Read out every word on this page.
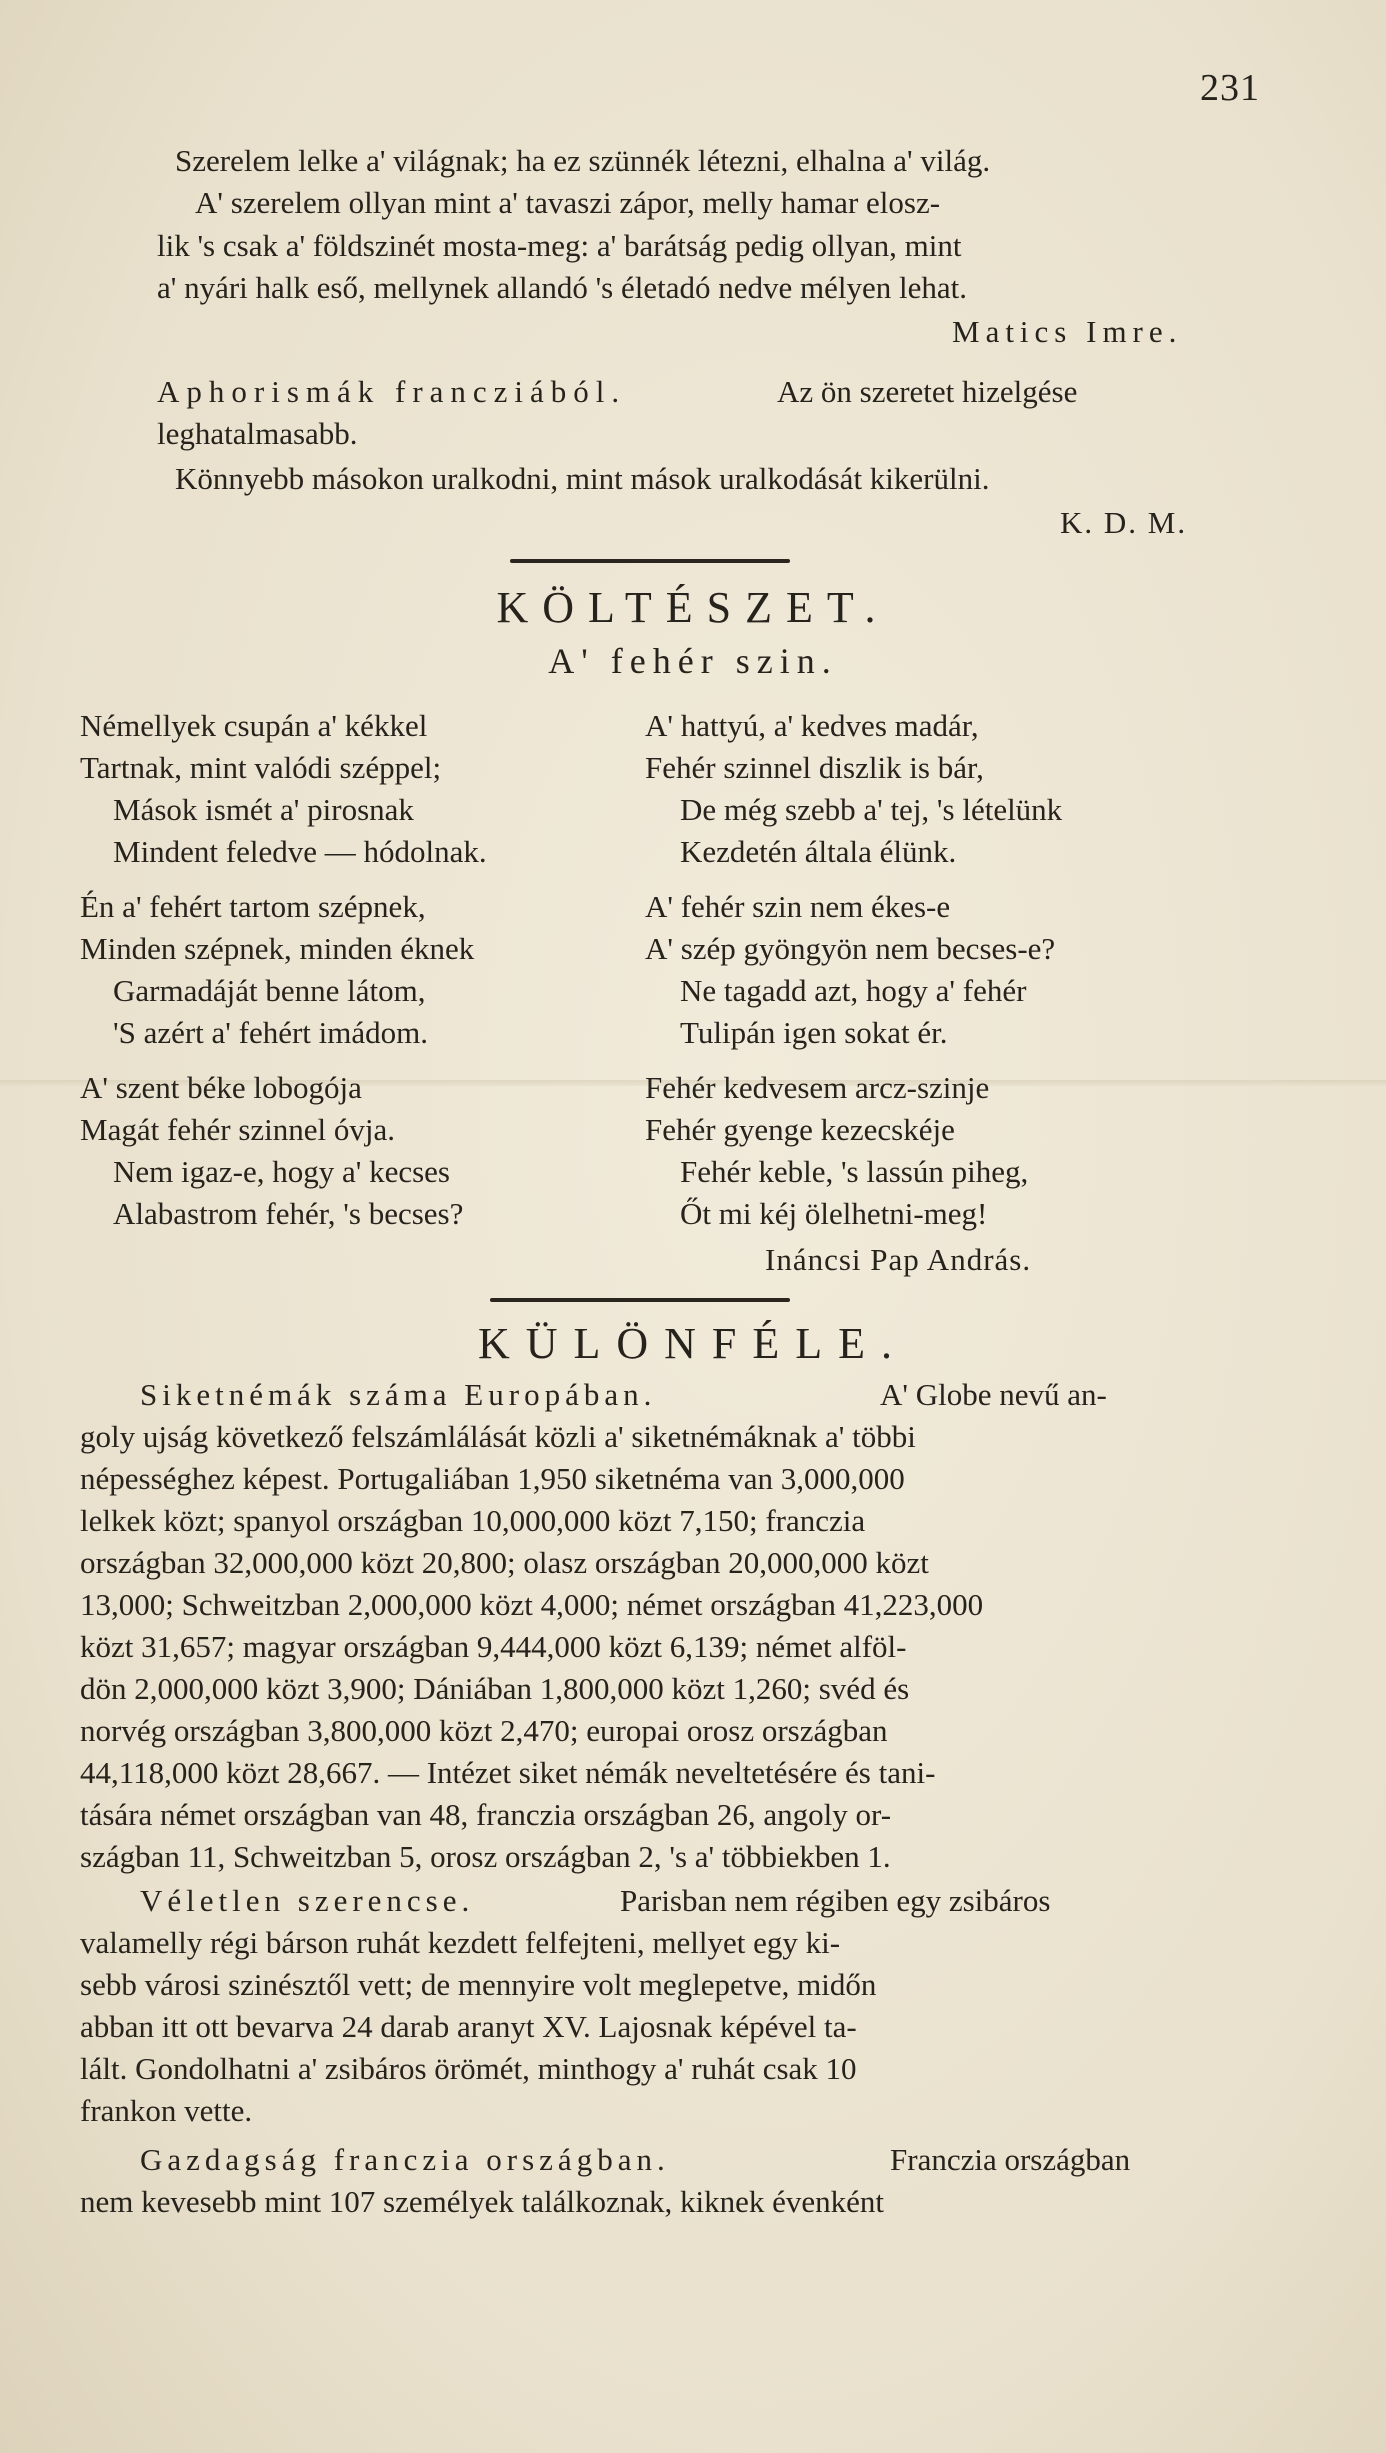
231
Szerelem lelke a' világnak; ha ez szünnék létezni, elhalna a' világ.
A' szerelem ollyan mint a' tavaszi zápor, melly hamar elosz-
lik 's csak a' földszinét mosta-meg: a' barátság pedig ollyan, mint
a' nyári halk eső, mellynek allandó 's életadó nedve mélyen lehat.
Matics Imre.
Aphorismák francziából.	Az ön szeretet hizelgése
leghatalmasabb.
Könnyebb másokon uralkodni, mint mások uralkodását kikerülni.
K. D. M.
KÖLTÉSZET.
A' fehér szin.
Némellyek csupán a' kékkel
Tartnak, mint valódi széppel;
Mások ismét a' pirosnak
Mindent feledve — hódolnak.
Én a' fehért tartom szépnek,
Minden szépnek, minden éknek
Garmadáját benne látom,
'S azért a' fehért imádom.
A' szent béke lobogója
Magát fehér szinnel óvja.
Nem igaz-e, hogy a' kecses
Alabastrom fehér, 's becses?
A' hattyú, a' kedves madár,
Fehér szinnel diszlik is bár,
De még szebb a' tej, 's lételünk
Kezdetén általa élünk.
A' fehér szin nem ékes-e
A' szép gyöngyön nem becses-e?
Ne tagadd azt, hogy a' fehér
Tulipán igen sokat ér.
Fehér kedvesem arcz-szinje
Fehér gyenge kezecskéje
Fehér keble, 's lassún piheg,
Őt mi kéj ölelhetni-meg!
Ináncsi Pap András.
KÜLÖNFÉLE.
Siketnémák száma Europában.	A' Globe nevű an-
goly ujság következő felszámlálását közli a' siketnémáknak a' többi
népességhez képest. Portugaliában 1,950 siketnéma van 3,000,000
lelkek közt; spanyol országban 10,000,000 közt 7,150; franczia
országban 32,000,000 közt 20,800; olasz országban 20,000,000 közt
13,000; Schweitzban 2,000,000 közt 4,000; német országban 41,223,000
közt 31,657; magyar országban 9,444,000 közt 6,139; német alföl-
dön 2,000,000 közt 3,900; Dániában 1,800,000 közt 1,260; svéd és
norvég országban 3,800,000 közt 2,470; europai orosz országban
44,118,000 közt 28,667. — Intézet siket némák neveltetésére és tani-
tására német országban van 48, franczia országban 26, angoly or-
szágban 11, Schweitzban 5, orosz országban 2, 's a' többiekben 1.
Véletlen szerencse.	Parisban nem régiben egy zsibáros
valamelly régi bárson ruhát kezdett felfejteni, mellyet egy ki-
sebb városi szinésztől vett; de mennyire volt meglepetve, midőn
abban itt ott bevarva 24 darab aranyt XV. Lajosnak képével ta-
lált. Gondolhatni a' zsibáros örömét, minthogy a' ruhát csak 10
frankon vette.
Gazdagság franczia országban.	Franczia országban
nem kevesebb mint 107 személyek találkoznak, kiknek évenként
